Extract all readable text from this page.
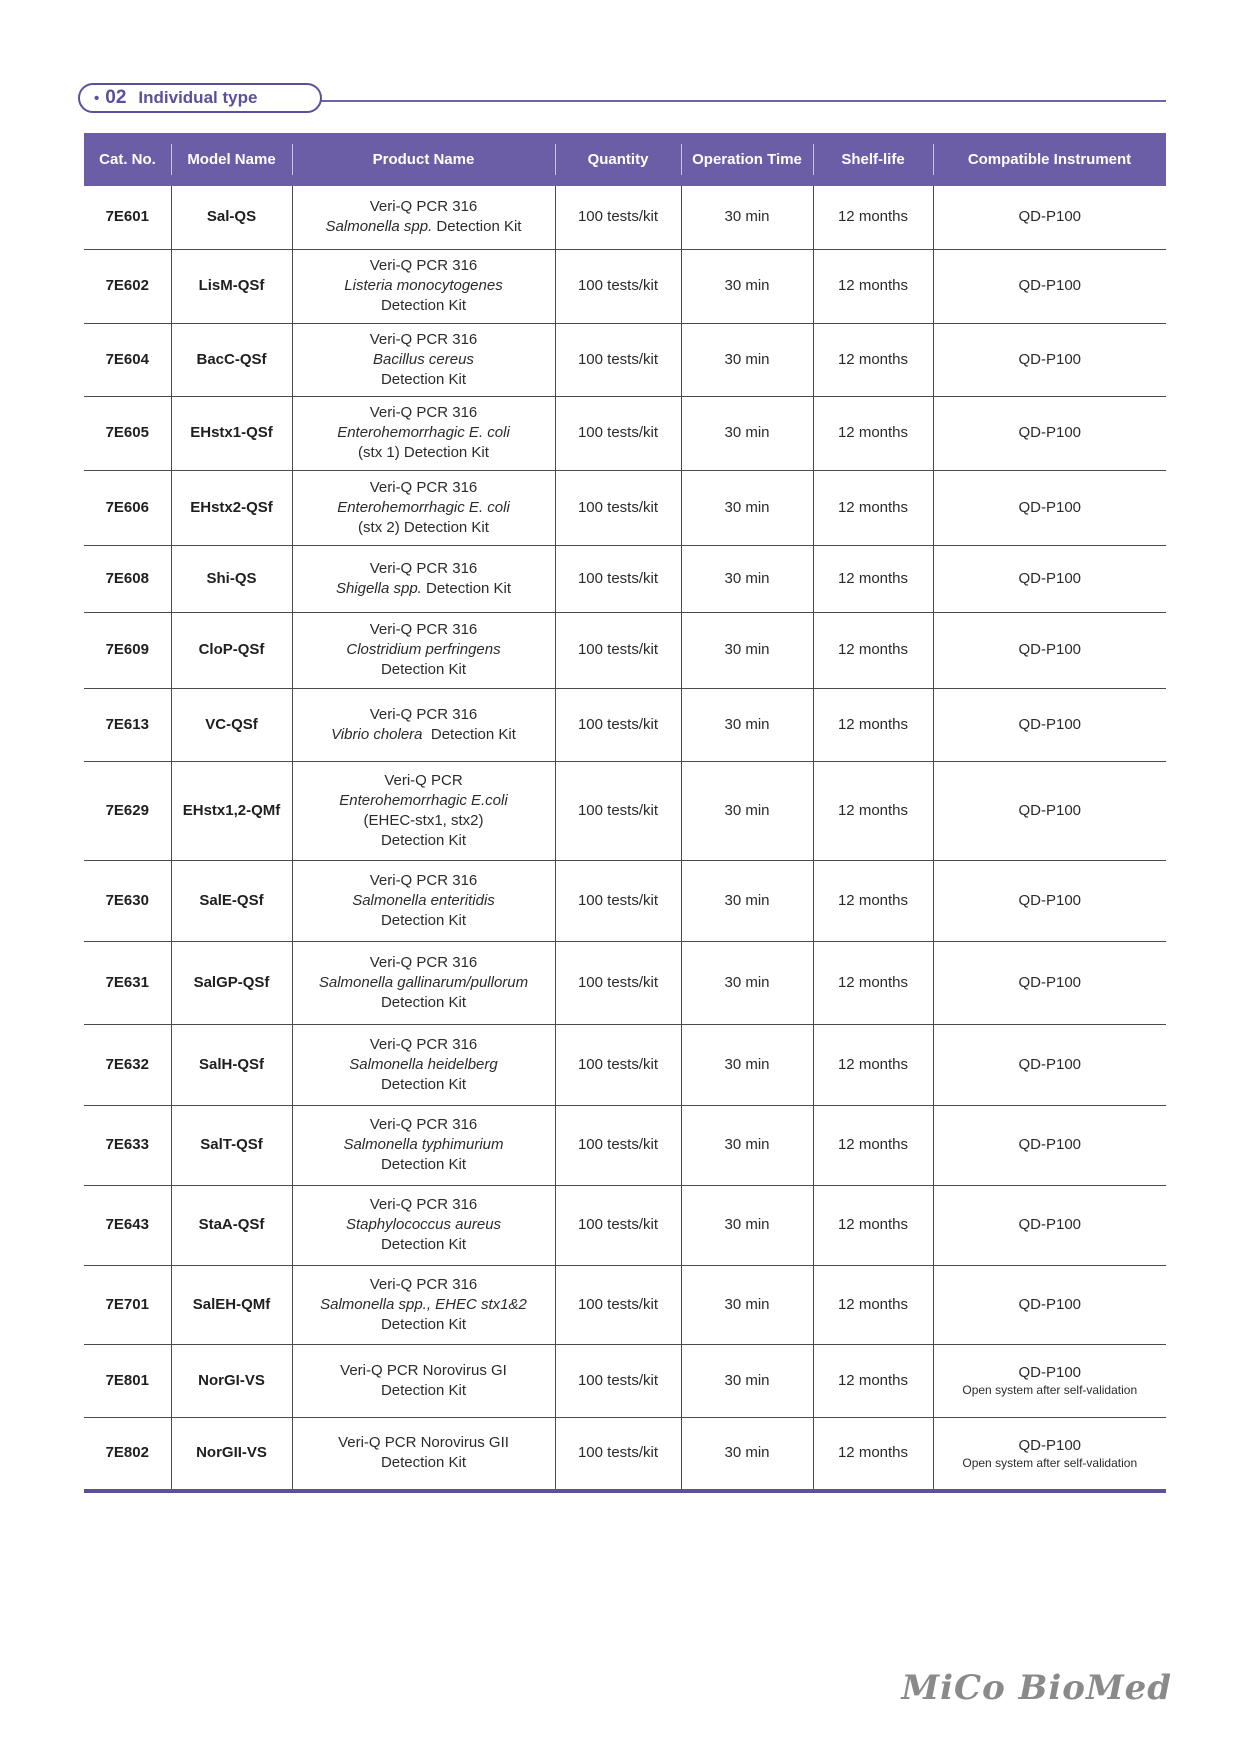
• 02 Individual type
Cat. No.	Model Name	Product Name	Quantity	Operation Time	Shelf-life	Compatible Instrument
7E601	Sal-QS	Veri-Q PCR 316
Salmonella spp. Detection Kit	100 tests/kit	30 min	12 months	QD-P100

7E602	LisM-QSf	Veri-Q PCR 316
Listeria monocytogenes
Detection Kit	100 tests/kit	30 min	12 months	QD-P100

7E604	BacC-QSf	Veri-Q PCR 316
Bacillus cereus
Detection Kit	100 tests/kit	30 min	12 months	QD-P100

7E605	EHstx1-QSf	Veri-Q PCR 316
Enterohemorrhagic E. coli
(stx 1) Detection Kit	100 tests/kit	30 min	12 months	QD-P100

7E606	EHstx2-QSf	Veri-Q PCR 316
Enterohemorrhagic E. coli
(stx 2) Detection Kit	100 tests/kit	30 min	12 months	QD-P100

7E608	Shi-QS	Veri-Q PCR 316
Shigella spp. Detection Kit	100 tests/kit	30 min	12 months	QD-P100

7E609	CloP-QSf	Veri-Q PCR 316
Clostridium perfringens
Detection Kit	100 tests/kit	30 min	12 months	QD-P100

7E613	VC-QSf	Veri-Q PCR 316
Vibrio cholera  Detection Kit	100 tests/kit	30 min	12 months	QD-P100

7E629	EHstx1,2-QMf	Veri-Q PCR
Enterohemorrhagic E.coli
(EHEC-stx1, stx2)
Detection Kit	100 tests/kit	30 min	12 months	QD-P100

7E630	SalE-QSf	Veri-Q PCR 316
Salmonella enteritidis
Detection Kit	100 tests/kit	30 min	12 months	QD-P100

7E631	SalGP-QSf	Veri-Q PCR 316
Salmonella gallinarum/pullorum
Detection Kit	100 tests/kit	30 min	12 months	QD-P100

7E632	SalH-QSf	Veri-Q PCR 316
Salmonella heidelberg
Detection Kit	100 tests/kit	30 min	12 months	QD-P100

7E633	SalT-QSf	Veri-Q PCR 316
Salmonella typhimurium
Detection Kit	100 tests/kit	30 min	12 months	QD-P100

7E643	StaA-QSf	Veri-Q PCR 316
Staphylococcus aureus
Detection Kit	100 tests/kit	30 min	12 months	QD-P100

7E701	SalEH-QMf	Veri-Q PCR 316
Salmonella spp., EHEC stx1&2
Detection Kit	100 tests/kit	30 min	12 months	QD-P100

7E801	NorGI-VS	Veri-Q PCR Norovirus GI
Detection Kit	100 tests/kit	30 min	12 months	QD-P100
Open system after self-validation

7E802	NorGII-VS	Veri-Q PCR Norovirus GII
Detection Kit	100 tests/kit	30 min	12 months	QD-P100
Open system after self-validation
MiCo BioMed
